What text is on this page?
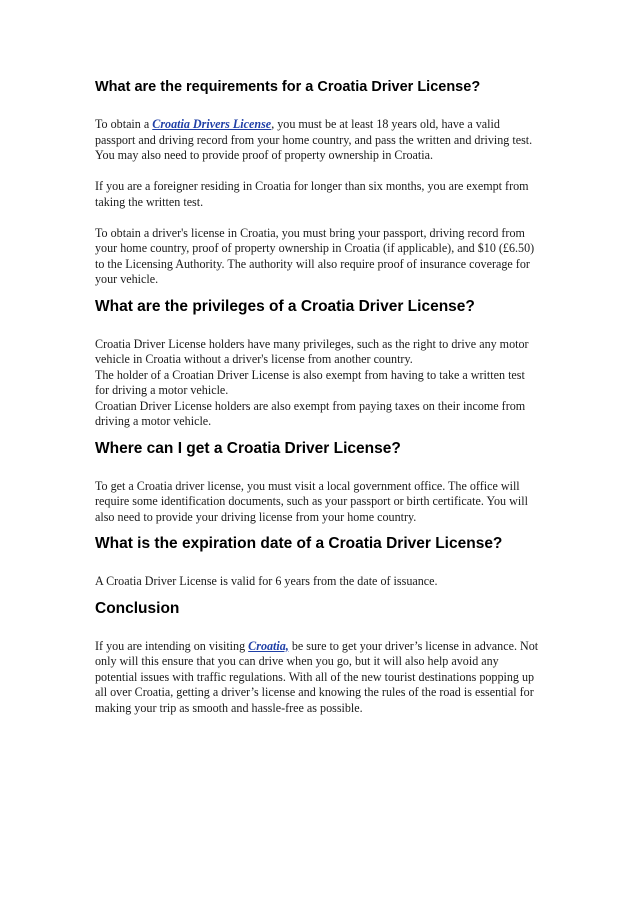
What are the requirements for a Croatia Driver License?

To obtain a Croatia Drivers License, you must be at least 18 years old, have a valid passport and driving record from your home country, and pass the written and driving test. You may also need to provide proof of property ownership in Croatia.

If you are a foreigner residing in Croatia for longer than six months, you are exempt from taking the written test.

To obtain a driver's license in Croatia, you must bring your passport, driving record from your home country, proof of property ownership in Croatia (if applicable), and $10 (£6.50) to the Licensing Authority. The authority will also require proof of insurance coverage for your vehicle.

What are the privileges of a Croatia Driver License?

Croatia Driver License holders have many privileges, such as the right to drive any motor vehicle in Croatia without a driver's license from another country.

The holder of a Croatian Driver License is also exempt from having to take a written test for driving a motor vehicle.

Croatian Driver License holders are also exempt from paying taxes on their income from driving a motor vehicle.

Where can I get a Croatia Driver License?

To get a Croatia driver license, you must visit a local government office. The office will require some identification documents, such as your passport or birth certificate. You will also need to provide your driving license from your home country.

What is the expiration date of a Croatia Driver License?

A Croatia Driver License is valid for 6 years from the date of issuance.

Conclusion

If you are intending on visiting Croatia, be sure to get your driver’s license in advance. Not only will this ensure that you can drive when you go, but it will also help avoid any potential issues with traffic regulations. With all of the new tourist destinations popping up all over Croatia, getting a driver’s license and knowing the rules of the road is essential for making your trip as smooth and hassle-free as possible.
